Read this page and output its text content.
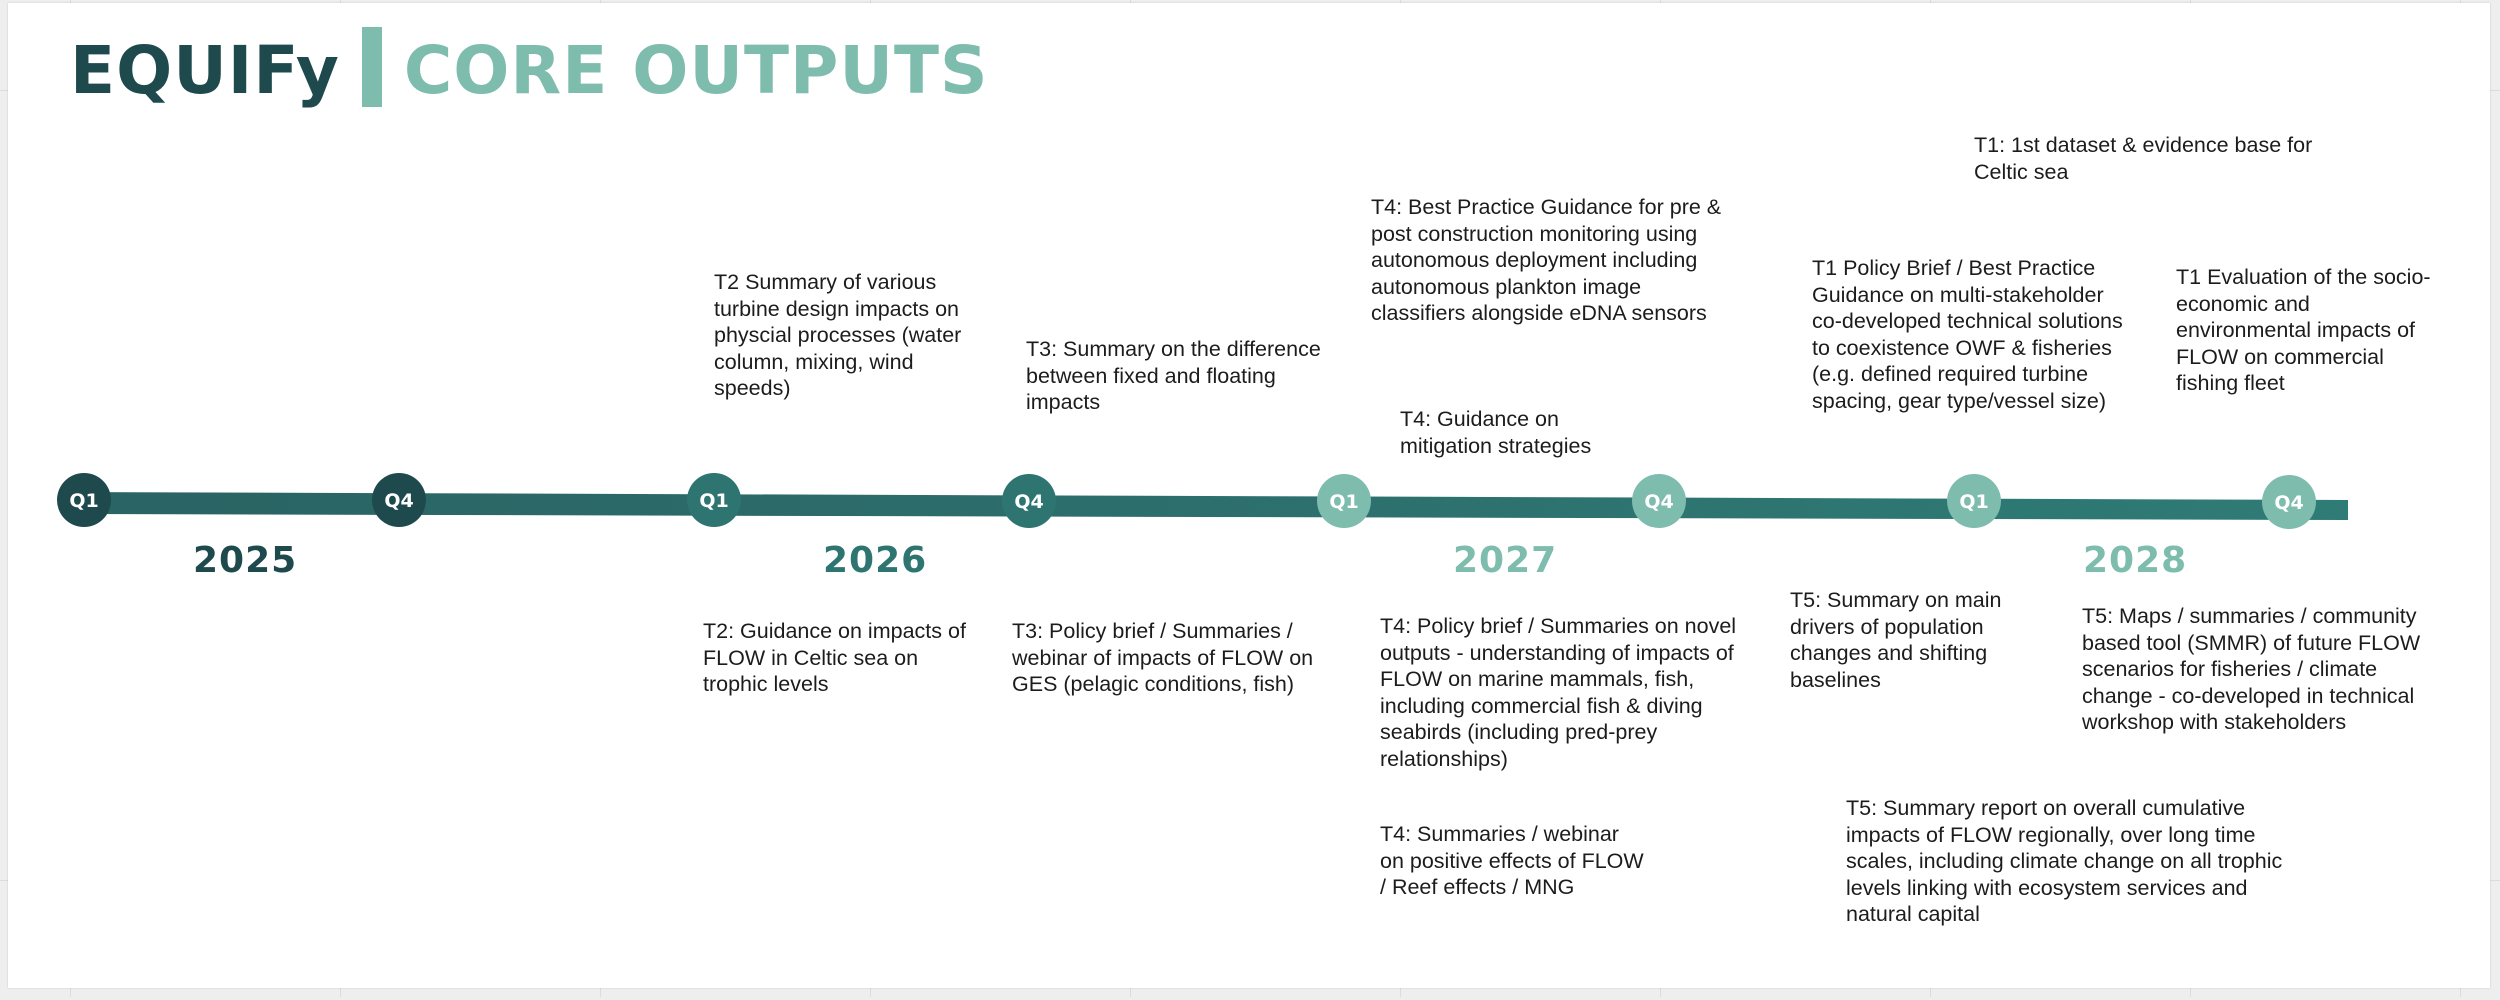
EQUIFy CORE OUTPUTS
Q1	Q4	Q1	Q4	Q1	Q4	Q1	Q4
2025	2026	2027	2028
T2 Summary of various turbine design impacts on physcial processes (water column, mixing, wind speeds)
T3: Summary on the difference between fixed and floating impacts
T4: Best Practice Guidance for pre & post construction monitoring using autonomous deployment including autonomous plankton image classifiers alongside eDNA sensors
T4: Guidance on mitigation strategies
T1: 1st dataset & evidence base for Celtic sea
T1 Policy Brief / Best Practice Guidance on multi-stakeholder co-developed technical solutions to coexistence OWF & fisheries (e.g. defined required turbine spacing, gear type/vessel size)
T1 Evaluation of the socio-economic and environmental impacts of FLOW on commercial fishing fleet
T2: Guidance on impacts of FLOW in Celtic sea on trophic levels
T3: Policy brief / Summaries / webinar of impacts of FLOW on GES (pelagic conditions, fish)
T4: Policy brief / Summaries on novel outputs - understanding of impacts of FLOW on marine mammals, fish, including commercial fish & diving seabirds (including pred-prey relationships)
T4: Summaries / webinar on positive effects of FLOW / Reef effects / MNG
T5: Summary on main drivers of population changes and shifting baselines
T5: Maps / summaries / community based tool (SMMR) of future FLOW scenarios for fisheries / climate change - co-developed in technical workshop with stakeholders
T5: Summary report on overall cumulative impacts of FLOW regionally, over long time scales, including climate change on all trophic levels linking with ecosystem services and natural capital
